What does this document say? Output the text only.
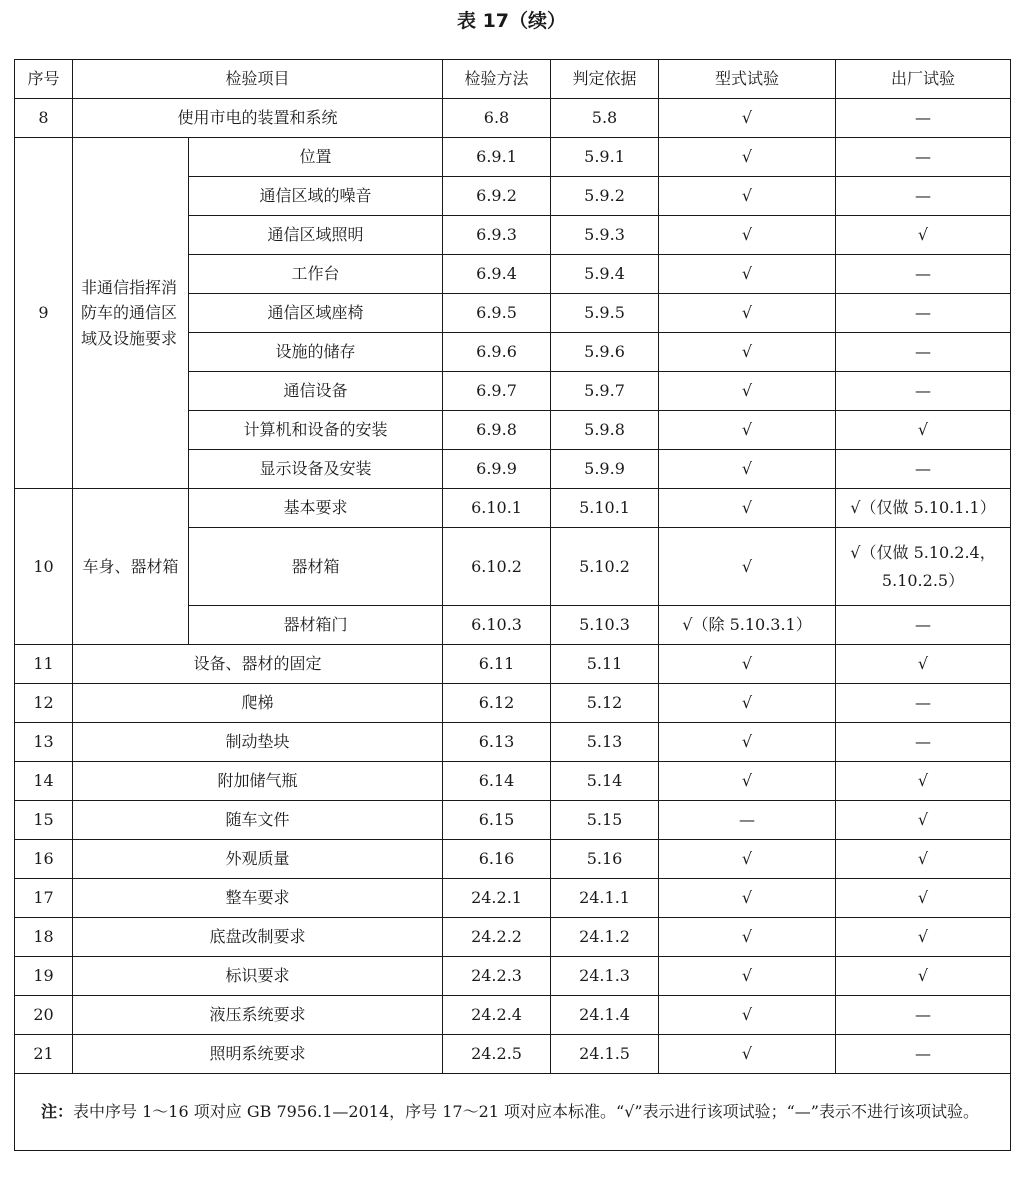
表 17（续）
序号	检验项目		检验方法	判定依据	型式试验	出厂试验
8	使用市电的装置和系统		6.8	5.8	√	—
9	非通信指挥消防车的通信区域及设施要求	位置	6.9.1	5.9.1	√	—
		通信区域的噪音	6.9.2	5.9.2	√	—
		通信区域照明	6.9.3	5.9.3	√	√
		工作台	6.9.4	5.9.4	√	—
		通信区域座椅	6.9.5	5.9.5	√	—
		设施的储存	6.9.6	5.9.6	√	—
		通信设备	6.9.7	5.9.7	√	—
		计算机和设备的安装	6.9.8	5.9.8	√	√
		显示设备及安装	6.9.9	5.9.9	√	—
10	车身、器材箱	基本要求	6.10.1	5.10.1	√	√（仅做 5.10.1.1）
		器材箱	6.10.2	5.10.2	√	√（仅做 5.10.2.4，5.10.2.5）
		器材箱门	6.10.3	5.10.3	√（除 5.10.3.1）	—
11	设备、器材的固定		6.11	5.11	√	√
12	爬梯		6.12	5.12	√	—
13	制动垫块		6.13	5.13	√	—
14	附加储气瓶		6.14	5.14	√	√
15	随车文件		6.15	5.15	—	√
16	外观质量		6.16	5.16	√	√
17	整车要求		24.2.1	24.1.1	√	√
18	底盘改制要求		24.2.2	24.1.2	√	√
19	标识要求		24.2.3	24.1.3	√	√
20	液压系统要求		24.2.4	24.1.4	√	—
21	照明系统要求		24.2.5	24.1.5	√	—

注：表中序号 1～16 项对应 GB 7956.1—2014，序号 17～21 项对应本标准。“√”表示进行该项试验；“—”表示不进行该项试验。						
